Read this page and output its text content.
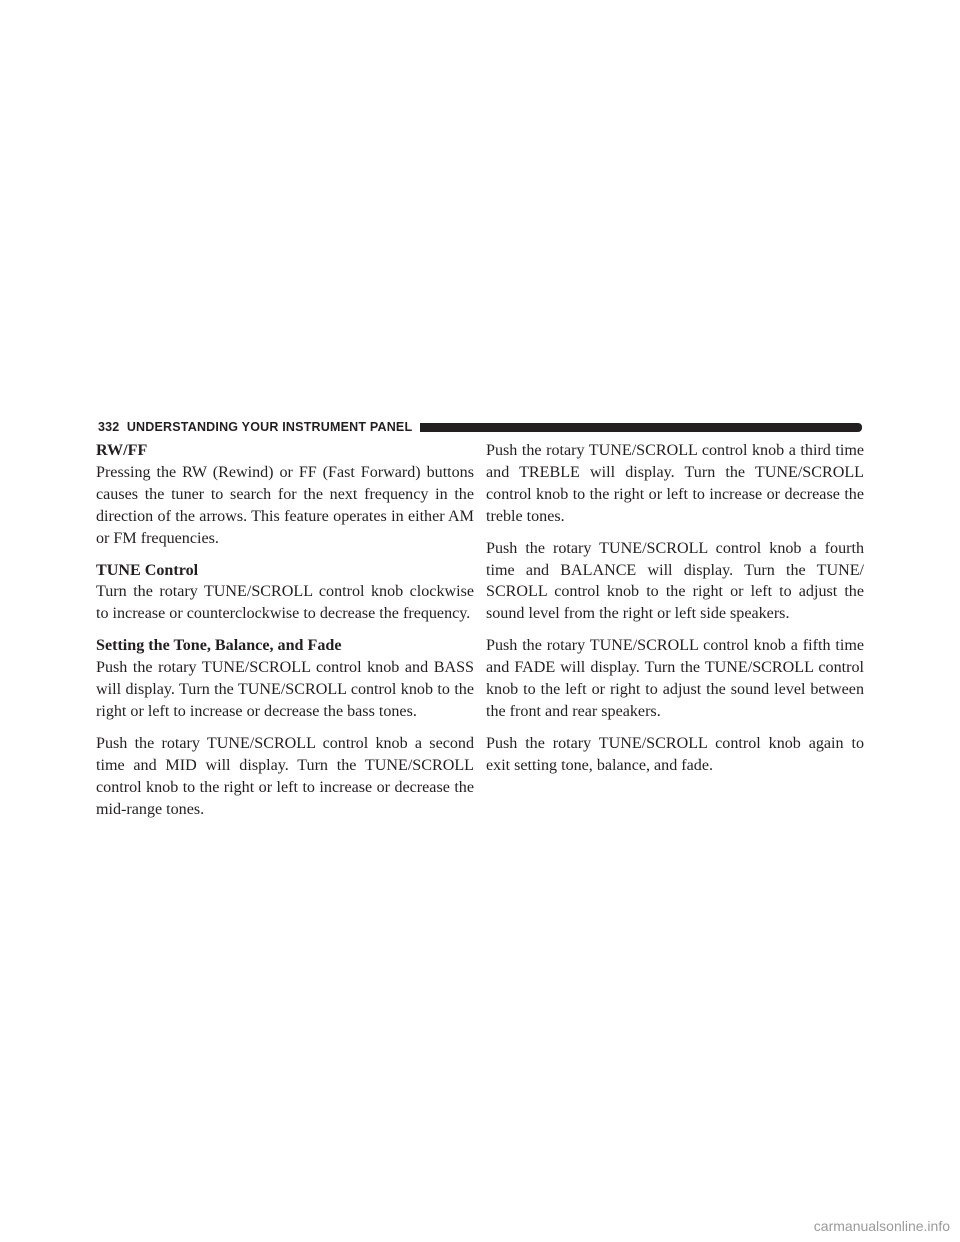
332 UNDERSTANDING YOUR INSTRUMENT PANEL
RW/FF

Pressing the RW (Rewind) or FF (Fast Forward) buttons causes the tuner to search for the next frequency in the direction of the arrows. This feature operates in either AM or FM frequencies.

TUNE Control

Turn the rotary TUNE/SCROLL control knob clockwise to increase or counterclockwise to decrease the frequency.

Setting the Tone, Balance, and Fade

Push the rotary TUNE/SCROLL control knob and BASS will display. Turn the TUNE/SCROLL control knob to the right or left to increase or decrease the bass tones.

Push the rotary TUNE/SCROLL control knob a second time and MID will display. Turn the TUNE/SCROLL control knob to the right or left to increase or decrease the mid-range tones.

Push the rotary TUNE/SCROLL control knob a third time and TREBLE will display. Turn the TUNE/SCROLL control knob to the right or left to increase or decrease the treble tones.

Push the rotary TUNE/SCROLL control knob a fourth time and BALANCE will display. Turn the TUNE/ SCROLL control knob to the right or left to adjust the sound level from the right or left side speakers.

Push the rotary TUNE/SCROLL control knob a fifth time and FADE will display. Turn the TUNE/SCROLL control knob to the left or right to adjust the sound level between the front and rear speakers.

Push the rotary TUNE/SCROLL control knob again to exit setting tone, balance, and fade.

carmanualsonline.info
